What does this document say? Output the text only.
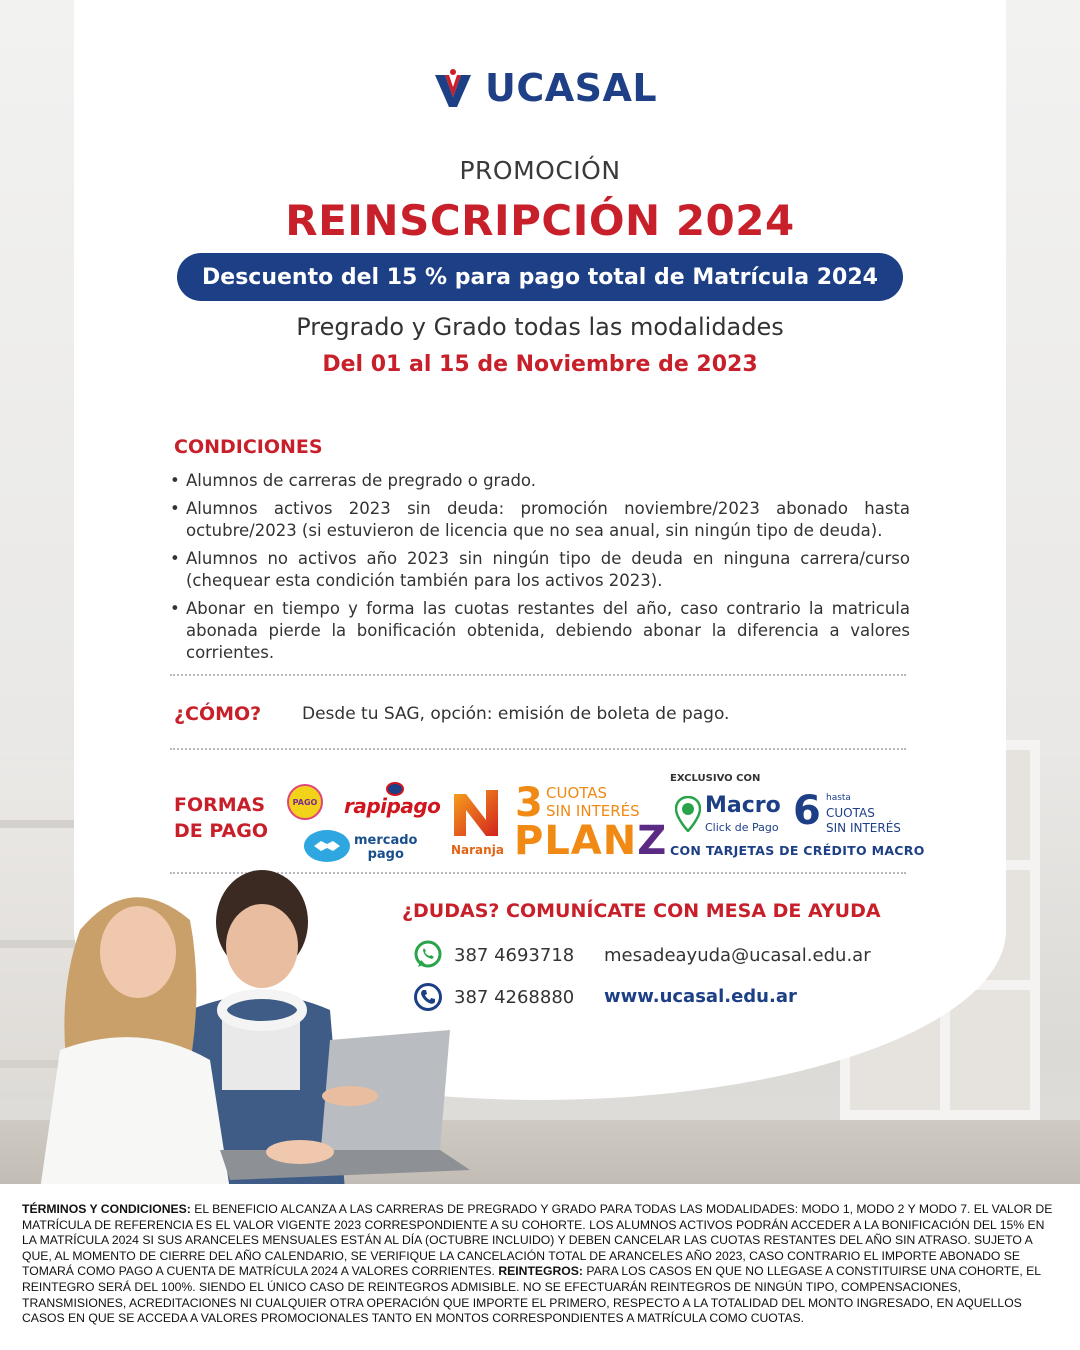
UCASAL
PROMOCIÓN
REINSCRIPCIÓN 2024
Descuento del 15 % para pago total de Matrícula 2024
Pregrado y Grado todas las modalidades
Del 01 al 15 de Noviembre de 2023
CONDICIONES
• Alumnos de carreras de pregrado o grado.
• Alumnos activos 2023 sin deuda: promoción noviembre/2023 abonado hasta octubre/2023 (si estuvieron de licencia que no sea anual, sin ningún tipo de deuda).
• Alumnos no activos año 2023 sin ningún tipo de deuda en ninguna carrera/curso (chequear esta condición también para los activos 2023).
• Abonar en tiempo y forma las cuotas restantes del año, caso contrario la matricula abonada pierde la bonificación obtenida, debiendo abonar la diferencia a valores corrientes.
¿CÓMO? Desde tu SAG, opción: emisión de boleta de pago.
FORMAS
DE PAGO
PAGO rapipago
mercado
pago	Naranja
3 CUOTAS
SIN INTERÉS
PLANZ
EXCLUSIVO CON
Macro
Click de Pago 6 hasta
CUOTAS
SIN INTERÉS
CON TARJETAS DE CRÉDITO MACRO
¿DUDAS? COMUNÍCATE CON MESA DE AYUDA
387 4693718 mesadeayuda@ucasal.edu.ar
387 4268880 www.ucasal.edu.ar
TÉRMINOS Y CONDICIONES: EL BENEFICIO ALCANZA A LAS CARRERAS DE PREGRADO Y GRADO PARA TODAS LAS MODALIDADES: MODO 1, MODO 2 Y MODO 7. EL VALOR DE MATRÍCULA DE REFERENCIA ES EL VALOR VIGENTE 2023 CORRESPONDIENTE A SU COHORTE. LOS ALUMNOS ACTIVOS PODRÁN ACCEDER A LA BONIFICACIÓN DEL 15% EN LA MATRÍCULA 2024 SI SUS ARANCELES MENSUALES ESTÁN AL DÍA (OCTUBRE INCLUIDO) Y DEBEN CANCELAR LAS CUOTAS RESTANTES DEL AÑO SIN ATRASO. SUJETO A QUE, AL MOMENTO DE CIERRE DEL AÑO CALENDARIO, SE VERIFIQUE LA CANCELACIÓN TOTAL DE ARANCELES AÑO 2023, CASO CONTRARIO EL IMPORTE ABONADO SE TOMARÁ COMO PAGO A CUENTA DE MATRÍCULA 2024 A VALORES CORRIENTES. REINTEGROS: PARA LOS CASOS EN QUE NO LLEGASE A CONSTITUIRSE UNA COHORTE, EL REINTEGRO SERÁ DEL 100%. SIENDO EL ÚNICO CASO DE REINTEGROS ADMISIBLE. NO SE EFECTUARÁN REINTEGROS DE NINGÚN TIPO, COMPENSACIONES, TRANSMISIONES, ACREDITACIONES NI CUALQUIER OTRA OPERACIÓN QUE IMPORTE EL PRIMERO, RESPECTO A LA TOTALIDAD DEL MONTO INGRESADO, EN AQUELLOS CASOS EN QUE SE ACCEDA A VALORES PROMOCIONALES TANTO EN MONTOS CORRESPONDIENTES A MATRÍCULA COMO CUOTAS.
